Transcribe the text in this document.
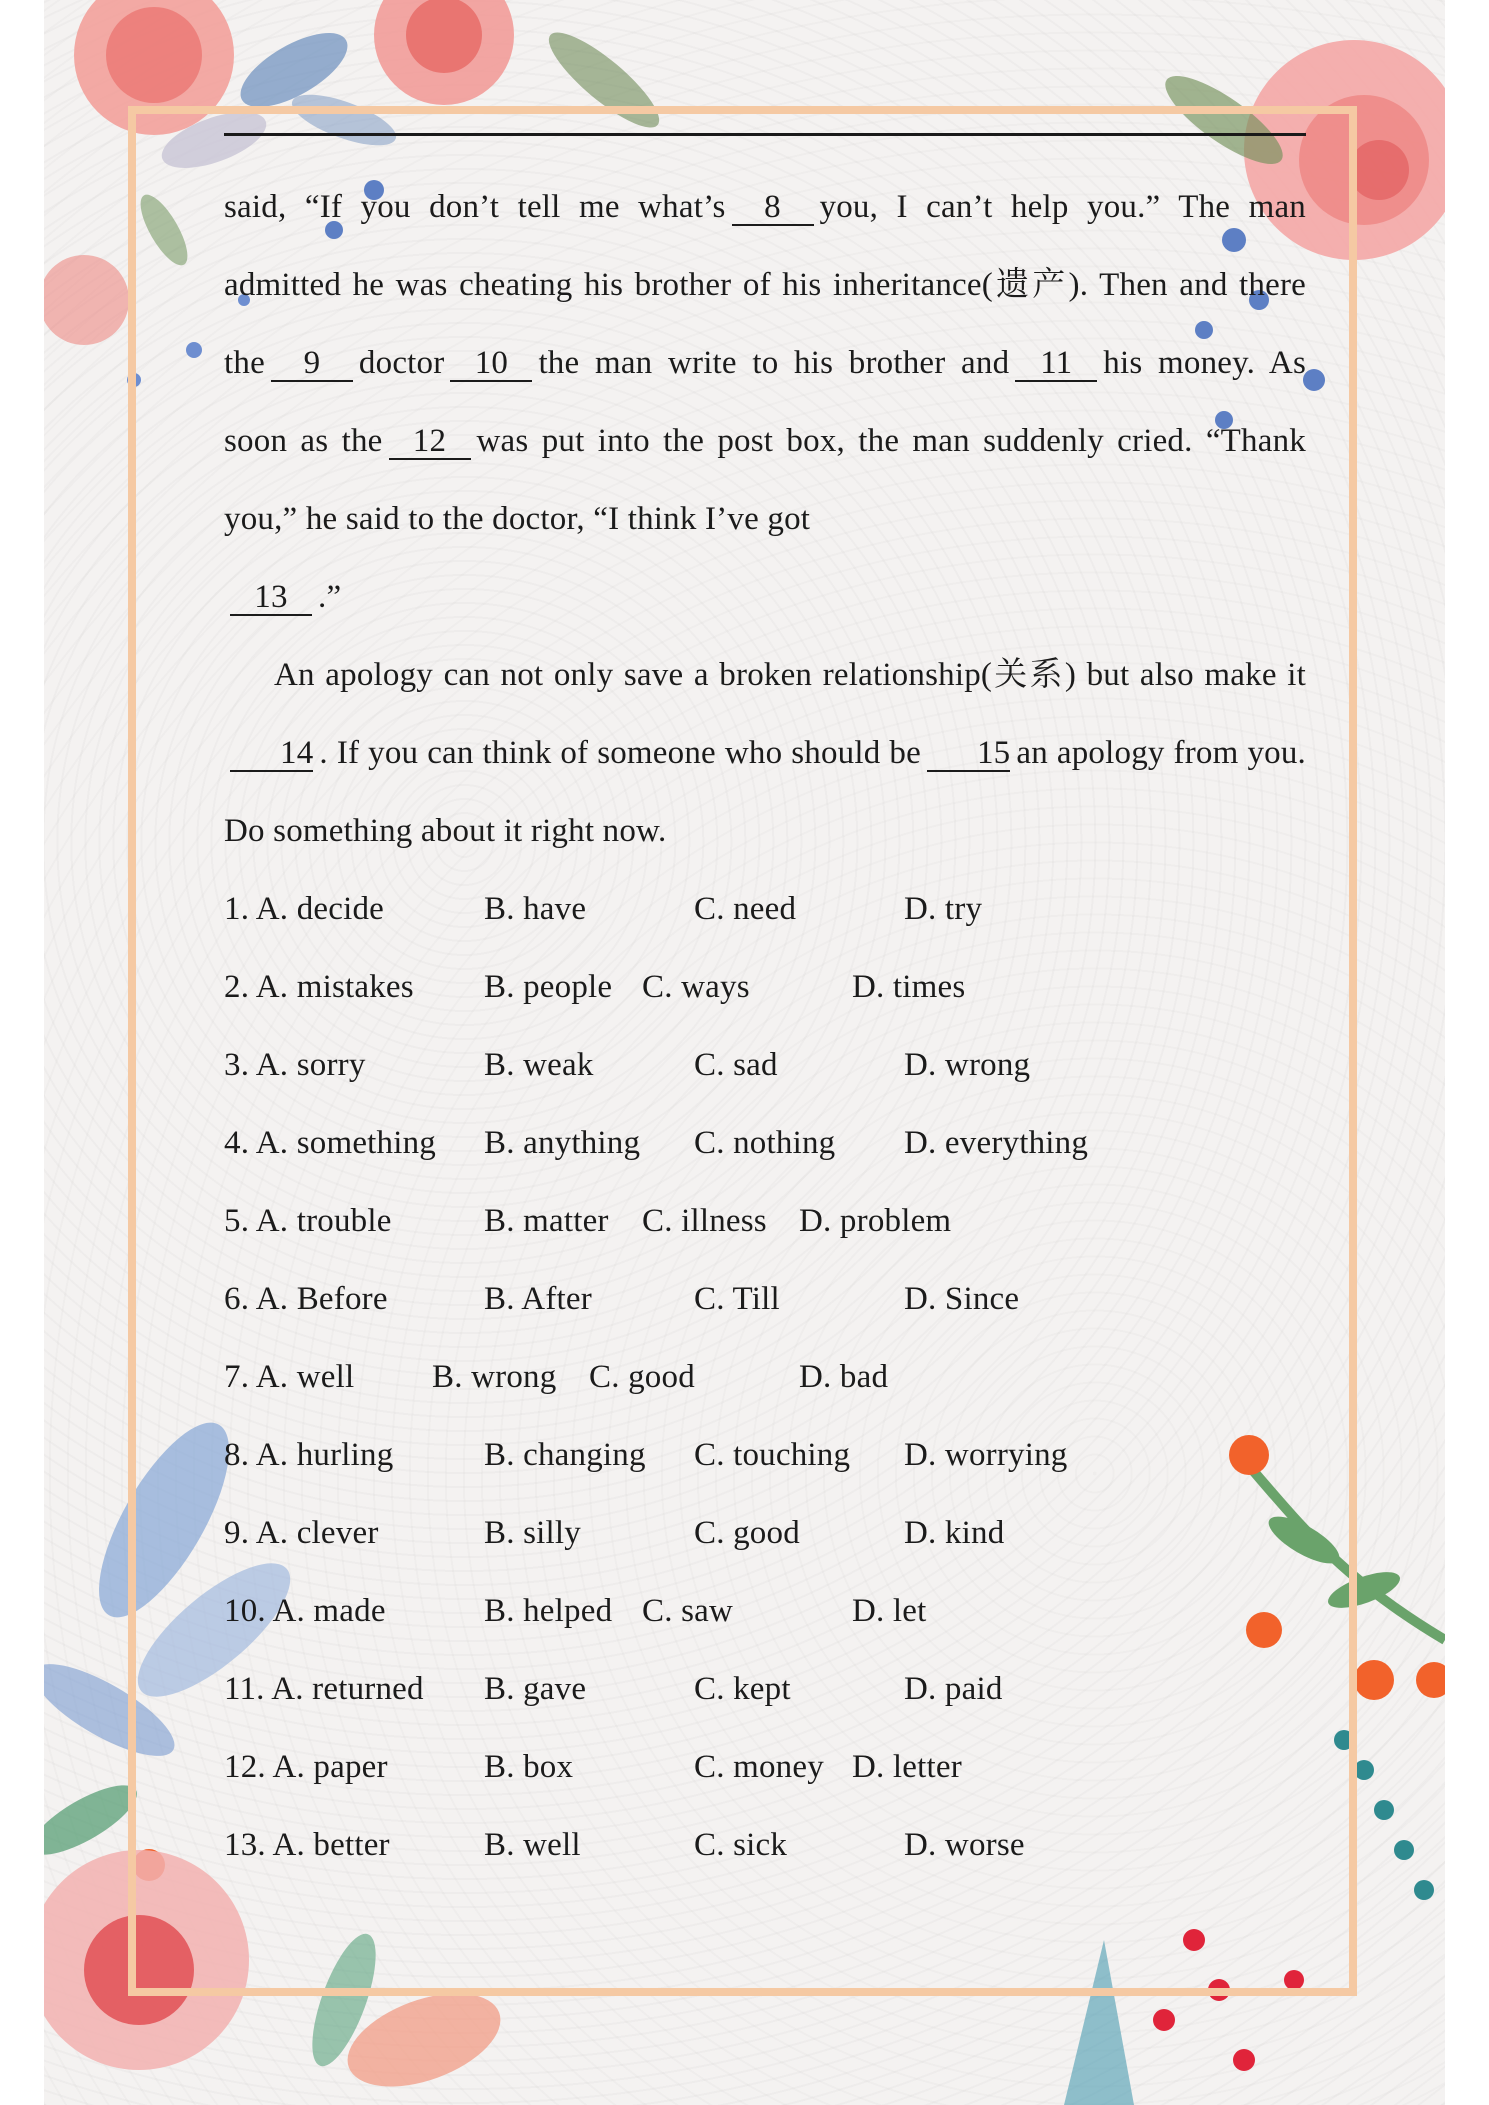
said, “If you don’t tell me what’s 8 you, I can’t help you.” The man admitted he was cheating his brother of his inheritance(遗产). Then and there the 9 doctor 10 the man write to his brother and 11 his money. As soon as the 12 was put into the post box, the man suddenly cried. “Thank you,” he said to the doctor, “I think I’ve got
13 .”

An apology can not only save a broken relationship(关系) but also make it14 . If you can think of someone who should be 15 an apology from you. Do something about it right now.

1. A. decide	B. have	C. need	D. try
2. A. mistakes B. people C. ways	D. times
3. A. sorry	B. weak	C. sad	D. wrong
4. A. something B. anything C. nothing D. everything
5. A. trouble	B. matter C. illness D. problem
6. A. Before	B. After	C. Till	D. Since
7. A. well B. wrong C. good	D. bad
8. A. hurling	B. changing C. touching D. worrying
9. A. clever	B. silly	C. good	D. kind
10. A. made	B. helped C. saw	D. let
11. A. returned B. gave	C. kept	D. paid
12. A. paper	B. box	C. money D. letter
13. A. better	B. well	C. sick	D. worse
